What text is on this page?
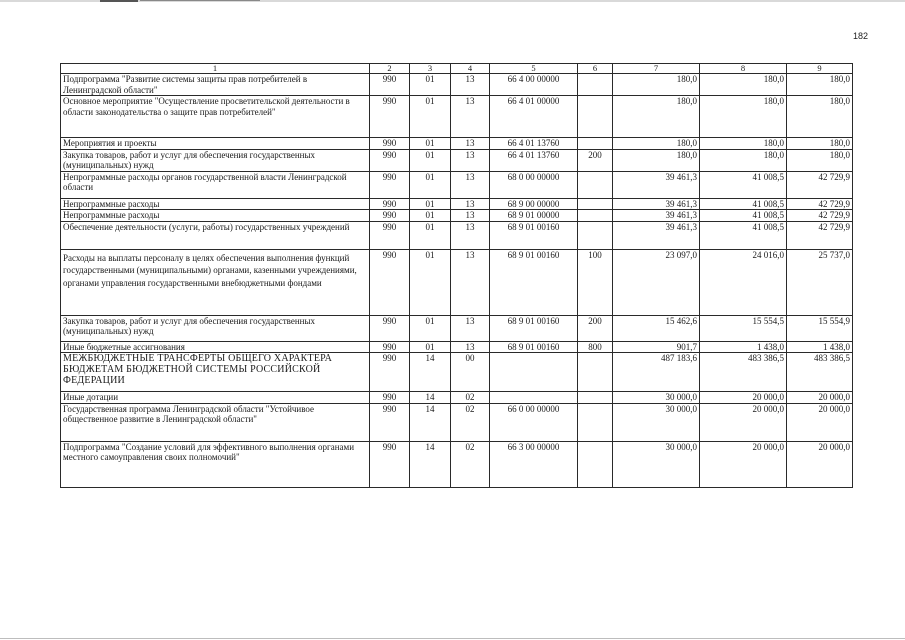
182
1	2	3	4	5	6	7	8	9
Подпрограмма "Развитие системы защиты прав потребителей в Ленинградской области"	990	01	13	66 4 00 00000		180,0	180,0	180,0
Основное мероприятие "Осуществление просветительской деятельности в области законодательства о защите прав потребителей"	990	01	13	66 4 01 00000		180,0	180,0	180,0
Мероприятия и проекты	990	01	13	66 4 01 13760		180,0	180,0	180,0
Закупка товаров, работ и услуг для обеспечения государственных (муниципальных) нужд	990	01	13	66 4 01 13760	200	180,0	180,0	180,0
Непрограммные расходы органов государственной власти Ленинградской области	990	01	13	68 0 00 00000		39 461,3	41 008,5	42 729,9
Непрограммные расходы	990	01	13	68 9 00 00000		39 461,3	41 008,5	42 729,9
Непрограммные расходы	990	01	13	68 9 01 00000		39 461,3	41 008,5	42 729,9
Обеспечение деятельности (услуги, работы) государственных учреждений	990	01	13	68 9 01 00160		39 461,3	41 008,5	42 729,9
Расходы на выплаты персоналу в целях обеспечения выполнения функций государственными (муниципальными) органами, казенными учреждениями, органами управления государственными внебюджетными фондами	990	01	13	68 9 01 00160	100	23 097,0	24 016,0	25 737,0
Закупка товаров, работ и услуг для обеспечения государственных (муниципальных) нужд	990	01	13	68 9 01 00160	200	15 462,6	15 554,5	15 554,9
Иные бюджетные ассигнования	990	01	13	68 9 01 00160	800	901,7	1 438,0	1 438,0
МЕЖБЮДЖЕТНЫЕ ТРАНСФЕРТЫ ОБЩЕГО ХАРАКТЕРА БЮДЖЕТАМ БЮДЖЕТНОЙ СИСТЕМЫ РОССИЙСКОЙ ФЕДЕРАЦИИ	990	14	00			487 183,6	483 386,5	483 386,5
Иные дотации	990	14	02			30 000,0	20 000,0	20 000,0
Государственная программа Ленинградской области "Устойчивое общественное развитие в Ленинградской области"	990	14	02	66 0 00 00000		30 000,0	20 000,0	20 000,0
Подпрограмма "Создание условий для эффективного выполнения органами местного самоуправления своих полномочий"	990	14	02	66 3 00 00000		30 000,0	20 000,0	20 000,0
